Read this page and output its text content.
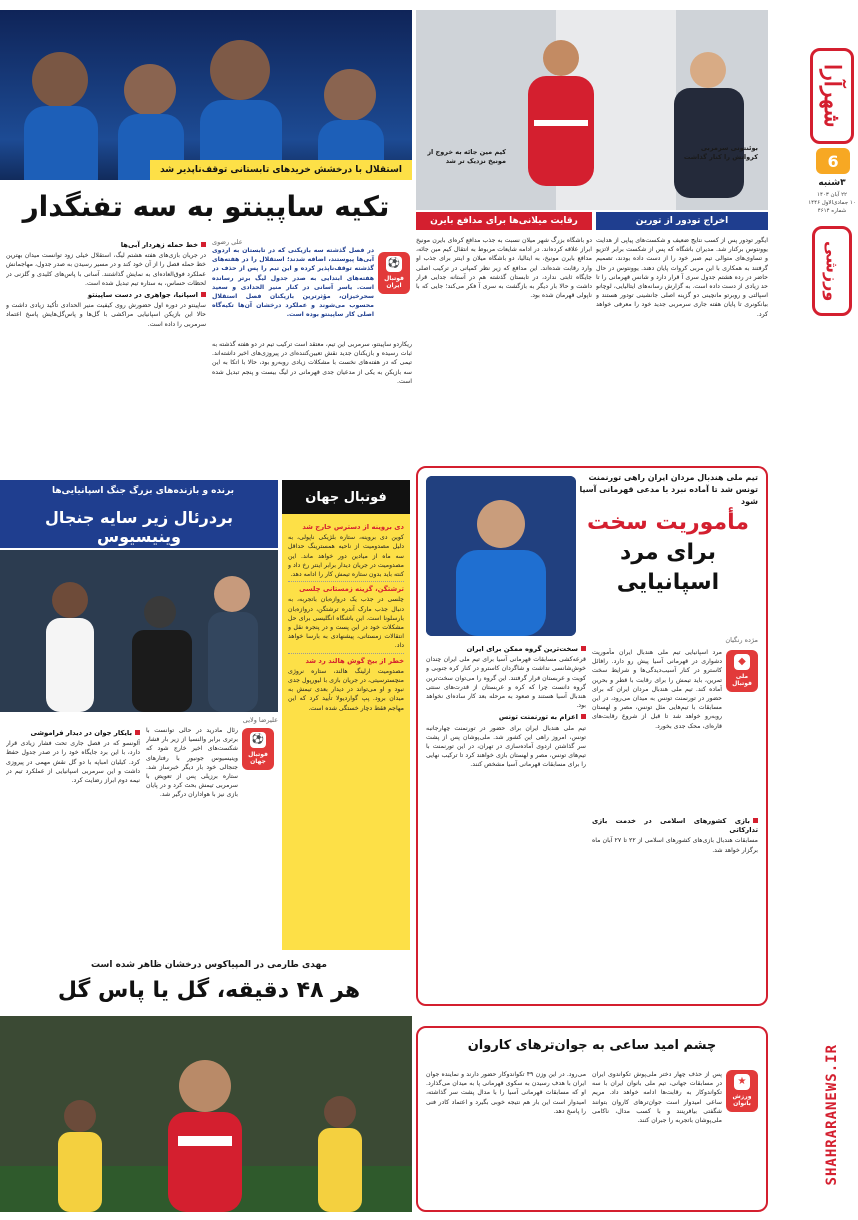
شهرآرا
6
۳شنبه
۲۲ آبان ۱۴۰۳
۱۰ جمادی‌الاول ۱۴۴۶
شماره ۴۶۱۴
ورزشی
SHAHRARANEWS.IR
بوئنتونی سرمربی کرواتش را کنار گذاشت
کیم مین جائه به خروج از مونیخ نزدیک تر شد
اخراج تودور از تورین
رقابت میلانی‌ها برای مدافع بایرن
ایگور تودور پس از کسب نتایج ضعیف و شکست‌های پیاپی از هدایت یوونتوس برکنار شد. مدیران باشگاه که پس از شکست برابر لاتزیو و تساوی‌های متوالی تیم صبر خود را از دست داده بودند، تصمیم گرفتند به همکاری با این مربی کروات پایان دهند. یوونتوس در حال حاضر در رده هشتم جدول سری آ قرار دارد و شانس قهرمانی را تا حد زیادی از دست داده است. به گزارش رسانه‌های ایتالیایی، لوچانو اسپالتی و روبرتو مانچینی دو گزینه اصلی جانشینی تودور هستند و بیانکونری تا پایان هفته جاری سرمربی جدید خود را معرفی خواهد کرد.
دو باشگاه بزرگ شهر میلان نسبت به جذب مدافع کره‌ای بایرن مونیخ ابراز علاقه کرده‌اند. در ادامه شایعات مربوط به انتقال کیم مین جائه، مدافع بایرن مونیخ، به ایتالیا، دو باشگاه میلان و اینتر برای جذب او وارد رقابت شده‌اند. این مدافع که زیر نظر کمپانی در ترکیب اصلی جایگاه ثابتی ندارد، در تابستان گذشته هم در آستانه جدایی قرار داشت و حالا بار دیگر به بازگشت به سری آ فکر می‌کند؛ جایی که با ناپولی قهرمان شده بود.
استقلال با درخشش خریدهای تابستانی توقف‌ناپذیر شد
تکیه ساپینتو به سه تفنگدار
علی رضوی
⚽
فوتبال ایران

در فصل گذشته سه بازیکنی که در تابستان به اردوی آبی‌ها پیوستند، اضافه شدند؛ استقلال را در هفته‌های گذشته توقف‌ناپذیر کرده و این تیم را پس از حذف در هفته‌های ابتدایی به صدر جدول لیگ برتر رسانده است. یاسر آسانی در کنار منیر الحدادی و سعید سحرخیزان، مؤثرترین بازیکنان فصل استقلال محسوب می‌شوند و عملکرد درخشان آن‌ها تکیه‌گاه اصلی کار ساپینتو بوده است.

ریکاردو ساپینتو، سرمربی این تیم، معتقد است ترکیب تیم در دو هفته گذشته به ثبات رسیده و بازیکنان جدید نقش تعیین‌کننده‌ای در پیروزی‌های اخیر داشته‌اند. تیمی که در هفته‌های نخست با مشکلات زیادی روبه‌رو بود، حالا با اتکا به این سه بازیکن به یکی از مدعیان جدی قهرمانی در لیگ بیست و پنجم تبدیل شده است.

خط حمله زهردار آبی‌ها

در جریان بازی‌های هفته هشتم لیگ، استقلال خیلی زود توانست میدان بهترین خط حمله فصل را از آن خود کند و در مسیر رسیدن به صدر جدول، مهاجمانش عملکرد فوق‌العاده‌ای به نمایش گذاشتند. آسانی با پاس‌های کلیدی و گلزنی در لحظات حساس، به ستاره تیم تبدیل شده است.

اسپانیا، جواهری در دست ساپینتو

ساپینتو در دوره اول حضورش روی کیفیت منیر الحدادی تأکید زیادی داشت و حالا این بازیکن اسپانیایی مراکشی با گل‌ها و پاس‌گل‌هایش پاسخ اعتماد سرمربی را داده است.

تیم ملی هندبال مردان ایران راهی تورنمنت تونس شد تا آماده نبرد با مدعی قهرمانی آسیا شود
مأموریت سخت
برای مرد
اسپانیایی
مژده رنگیان
◆
ملی فوتبال

مرد اسپانیایی تیم ملی هندبال ایران مأموریت دشواری در قهرمانی آسیا پیش رو دارد. رافائل کاسترو در کنار آسیب‌دیدگی‌ها و شرایط سخت تمرین، باید تیمش را برای رقابت با قطر و بحرین آماده کند. تیم ملی هندبال مردان ایران که برای حضور در تورنمنت تونس به میدان می‌رود، در این مسابقات با تیم‌هایی مثل تونس، مصر و لهستان روبه‌رو خواهد شد تا قبل از شروع رقابت‌های قاره‌ای، محک جدی بخورد.

سخت‌ترین گروه ممکن برای ایران

قرعه‌کشی مسابقات قهرمانی آسیا برای تیم ملی ایران چندان خوش‌شانسی نداشت و شاگردان کاسترو در کنار کره جنوبی و کویت و عربستان قرار گرفتند. این گروه را می‌توان سخت‌ترین گروه دانست چرا که کره و عربستان از قدرت‌های سنتی هندبال آسیا هستند و صعود به مرحله بعد کار ساده‌ای نخواهد بود.

اعزام به تورنمنت تونس

تیم ملی هندبال ایران برای حضور در تورنمنت چهارجانبه تونس، امروز راهی این کشور شد. ملی‌پوشان پس از پشت سر گذاشتن اردوی آماده‌سازی در تهران، در این تورنمنت با تیم‌های تونس، مصر و لهستان بازی خواهند کرد تا ترکیب نهایی را برای مسابقات قهرمانی آسیا مشخص کنند.

بازی کشورهای اسلامی در خدمت بازی تدارکاتی

مسابقات هندبال بازی‌های کشورهای اسلامی از ۲۲ تا ۲۷ آبان ماه برگزار خواهد شد.

فوتبال جهان
دی بروینه از دسترس خارج شد

کوین دی بروینه، ستاره بلژیکی ناپولی، به دلیل مصدومیت از ناحیه همسترینگ حداقل سه ماه از میادین دور خواهد ماند. این مصدومیت در جریان دیدار برابر اینتر رخ داد و کنته باید بدون ستاره تیمش کار را ادامه دهد.

ترشتگن، گزینه زمستانی چلسی

چلسی در جذب یک دروازه‌بان باتجربه، به دنبال جذب مارک آندره ترشتگن، دروازه‌بان بارسلونا است. این باشگاه انگلیسی برای حل مشکلات خود در این پست و در پنجره نقل و انتقالات زمستانی، پیشنهادی به بارسا خواهد داد.

خطر از بیخ گوش هالند رد شد

مصدومیت ارلینگ هالند، ستاره نروژی منچسترسیتی، در جریان بازی با لیورپول جدی نبود و او می‌تواند در دیدار بعدی تیمش به میدان برود. پپ گواردیولا تأیید کرد که این مهاجم فقط دچار خستگی شده است.

برنده و بازنده‌های بزرگ جنگ اسپانیایی‌ها
بردرئال زیر سایه جنجال وینیسیوس
علیرضا ولایی
⚽
فوتبال جهان

رئال مادرید در حالی توانست با برتری برابر والنسیا از زیر بار فشار شکست‌های اخیر خارج شود که وینیسیوس جونیور با رفتارهای جنجالی خود بار دیگر خبرساز شد. ستاره برزیلی پس از تعویض با سرمربی تیمش بحث کرد و در پایان بازی نیز با هواداران درگیر شد.

بایکار جوان در دیدار فراموشی

آلونسو که در فصل جاری تحت فشار زیادی قرار دارد، با این برد جایگاه خود را در صدر جدول حفظ کرد. کیلیان امباپه با دو گل نقش مهمی در پیروزی داشت و این سرمربی اسپانیایی از عملکرد تیم در نیمه دوم ابراز رضایت کرد.

مهدی طارمی در المپیاکوس درخشان ظاهر شده است
هر ۴۸ دقیقه، گل یا پاس گل
چشم امید ساعی به جوان‌ترهای کاروان
★
ورزش بانوان

پس از حذف چهار دختر ملی‌پوش تکواندوی ایران در مسابقات جهانی، تیم ملی بانوان ایران با سه تکواندوکار به رقابت‌ها ادامه خواهد داد. مریم ساعی امیدوار است جوان‌ترهای کاروان بتوانند شگفتی بیافرینند و با کسب مدال، ناکامی ملی‌پوشان باتجربه را جبران کنند.

می‌رود. در این وزن ۴۹ تکواندوکار حضور دارند و نماینده جوان ایران با هدف رسیدن به سکوی قهرمانی پا به میدان می‌گذارد. او که مسابقات قهرمانی آسیا را با مدال پشت سر گذاشته، امیدوار است این بار هم نتیجه خوبی بگیرد و اعتماد کادر فنی را پاسخ دهد.
